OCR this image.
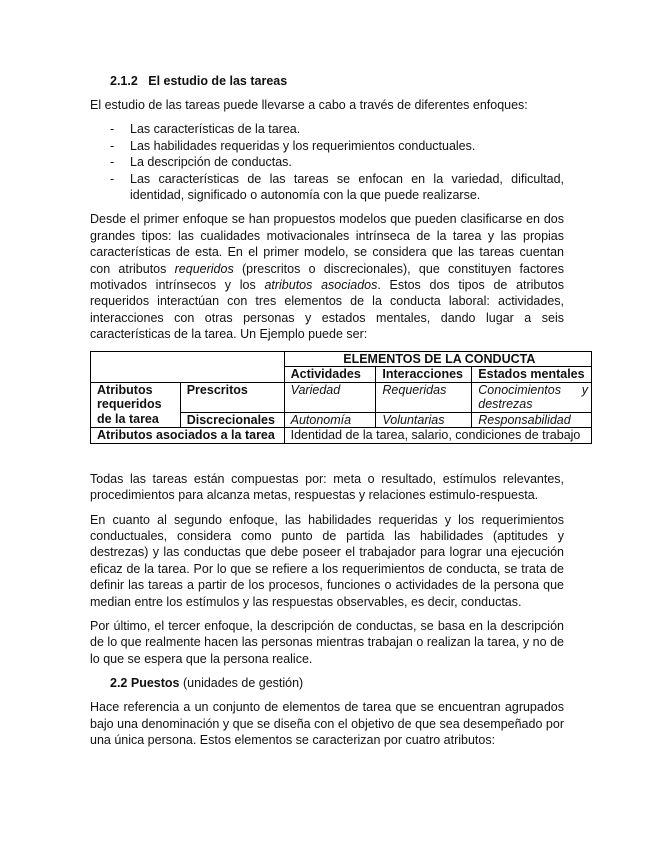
2.1.2 El estudio de las tareas

El estudio de las tareas puede llevarse a cabo a través de diferentes enfoques:

- Las características de la tarea.
- Las habilidades requeridas y los requerimientos conductuales.
- La descripción de conductas.
- Las características de las tareas se enfocan en la variedad, dificultad, identidad, significado o autonomía con la que puede realizarse.

Desde el primer enfoque se han propuestos modelos que pueden clasificarse en dos grandes tipos: las cualidades motivacionales intrínseca de la tarea y las propias características de esta. En el primer modelo, se considera que las tareas cuentan con atributos requeridos (prescritos o discrecionales), que constituyen factores motivados intrínsecos y los atributos asociados. Estos dos tipos de atributos requeridos interactúan con tres elementos de la conducta laboral: actividades, interacciones con otras personas y estados mentales, dando lugar a seis características de la tarea. Un Ejemplo puede ser:

		ELEMENTOS DE LA CONDUCTA		
		Actividades	Interacciones	Estados mentales
Atributos requeridos de la tarea	Prescritos	Variedad	Requeridas	Conocimientos y destrezas
	Discrecionales	Autonomía	Voluntarias	Responsabilidad
Atributos asociados a la tarea		Identidad de la tarea, salario, condiciones de trabajo		

Todas las tareas están compuestas por: meta o resultado, estímulos relevantes, procedimientos para alcanza metas, respuestas y relaciones estimulo-respuesta.

En cuanto al segundo enfoque, las habilidades requeridas y los requerimientos conductuales, considera como punto de partida las habilidades (aptitudes y destrezas) y las conductas que debe poseer el trabajador para lograr una ejecución eficaz de la tarea. Por lo que se refiere a los requerimientos de conducta, se trata de definir las tareas a partir de los procesos, funciones o actividades de la persona que median entre los estímulos y las respuestas observables, es decir, conductas.

Por último, el tercer enfoque, la descripción de conductas, se basa en la descripción de lo que realmente hacen las personas mientras trabajan o realizan la tarea, y no de lo que se espera que la persona realice.

2.2 Puestos (unidades de gestión)

Hace referencia a un conjunto de elementos de tarea que se encuentran agrupados bajo una denominación y que se diseña con el objetivo de que sea desempeñado por una única persona. Estos elementos se caracterizan por cuatro atributos:
